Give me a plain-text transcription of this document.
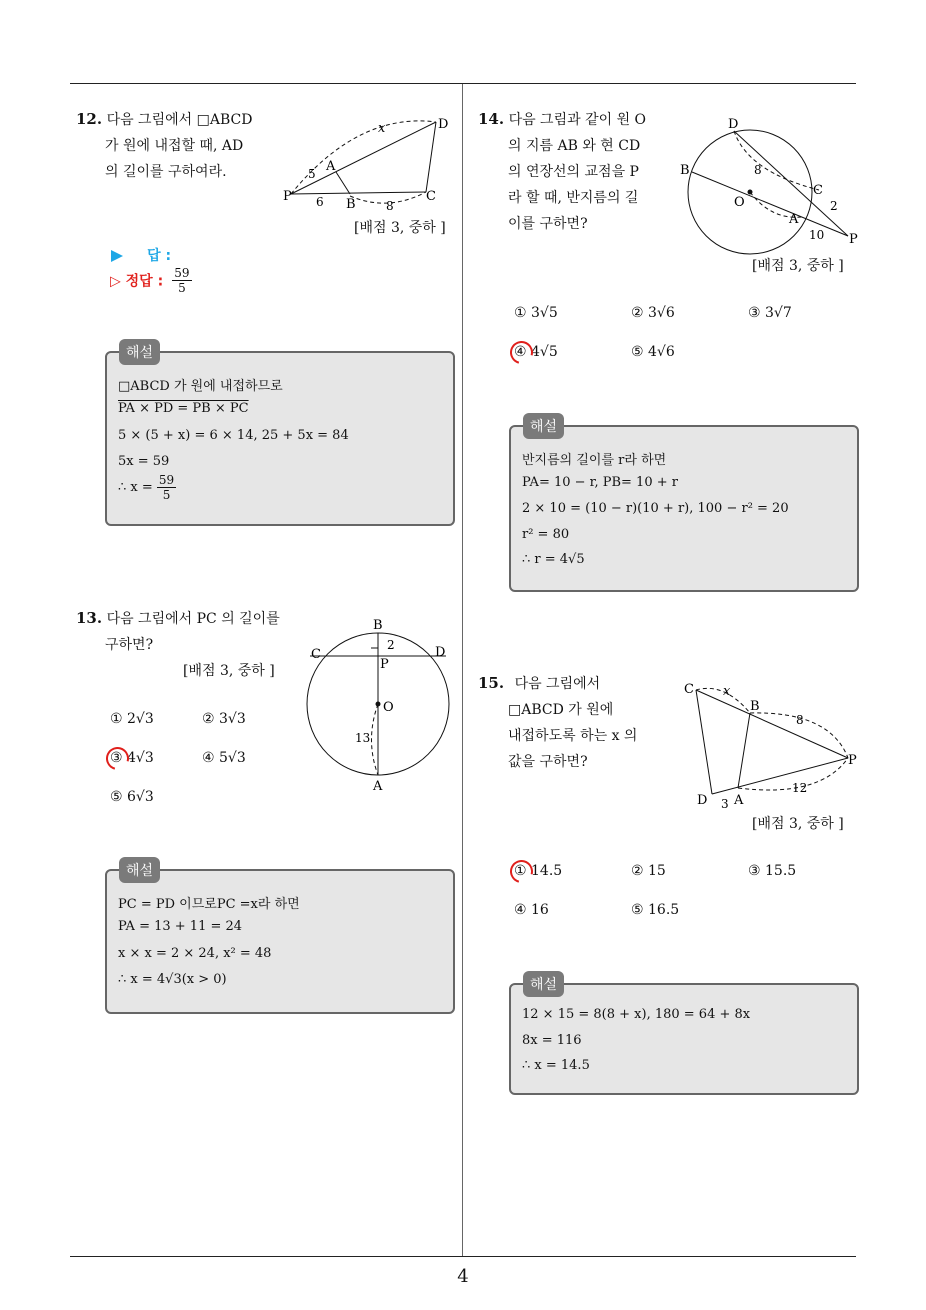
4
12. 다음 그림에서 □ABCD
가 원에 내접할 때, AD
의 길이를 구하여라.
P
A
B
C
D
x
5
6	8
[배점 3, 중하 ]
답 :
▷ 정답 : $\frac{59}{5}$
해설
□ABCD 가 원에 내접하므로
PA × PD = PB × PC
5 × (5 + x) = 6 × 14, 25 + 5x = 84
5x = 59
∴ $x = \frac{59}{5}$
13. 다음 그림에서 PC 의 길이를
구하면?
[배점 3, 중하 ]
B
C	D
P
O
A
2
13
① 2√3	② 3√3
③ 4√3	④ 5√3
⑤ 6√3
해설
PC = PD 이므로PC =x라 하면
PA = 13 + 11 = 24
x × x = 2 × 24, x² = 48
∴ x = 4√3(x > 0)
14. 다음 그림과 같이 원 O
의 지름 AB 와 현 CD
의 연장선의 교점을 P
라 할 때, 반지름의 길
이를 구하면?
D
B
O
C
A
P
8
2
10
[배점 3, 중하 ]
① 3√5	② 3√6	③ 3√7
④ 4√5	⑤ 4√6
해설
반지름의 길이를 r라 하면
PA= 10 − r, PB= 10 + r
2 × 10 = (10 − r)(10 + r), 100 − r² = 20
r² = 80
∴ r = 4√5
15. 다음 그림에서
□ABCD 가 원에
내접하도록 하는 x 의
값을 구하면?
C
B
P
D A
x
8
3
12
[배점 3, 중하 ]
① 14.5	② 15	③ 15.5
④ 16	⑤ 16.5
해설
12 × 15 = 8(8 + x), 180 = 64 + 8x
8x = 116
∴ x = 14.5
